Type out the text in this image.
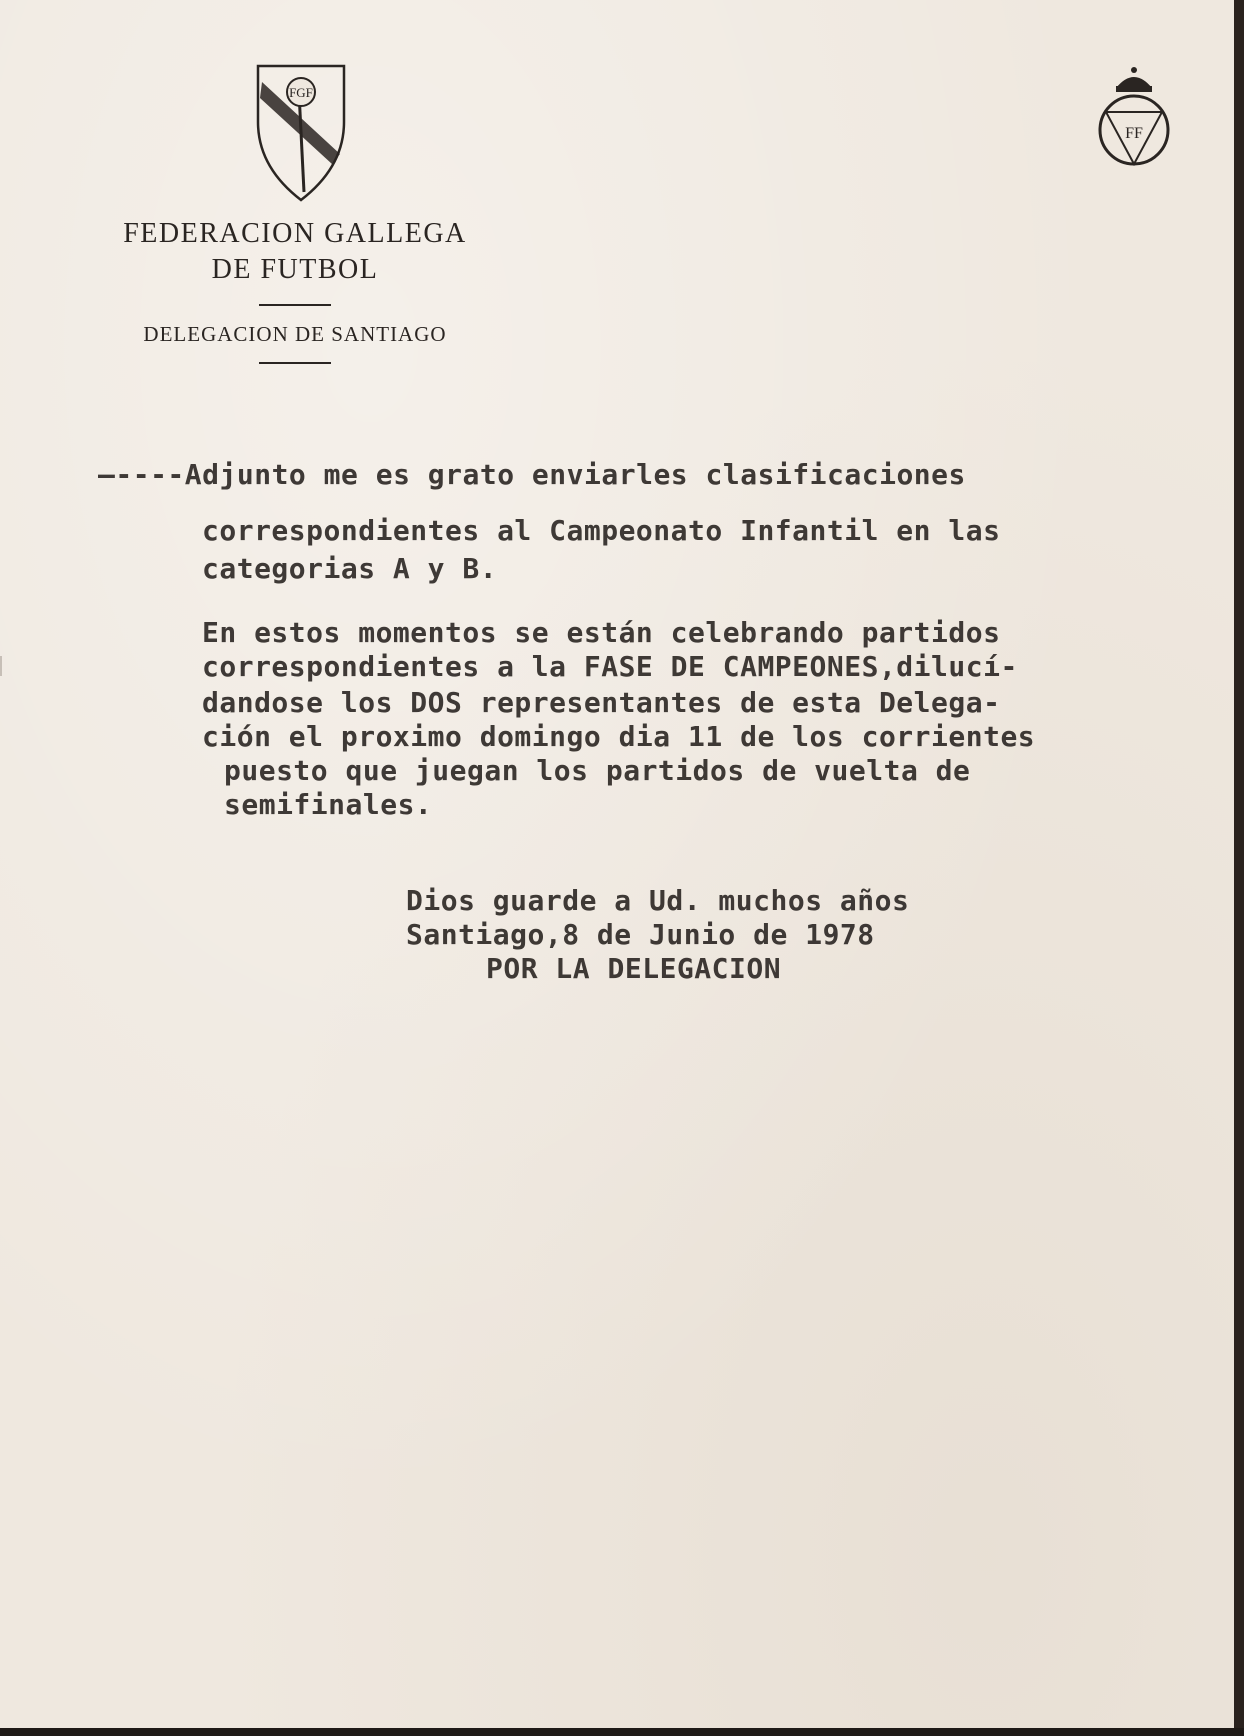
FGF
FF
FEDERACION GALLEGA
DE FUTBOL
DELEGACION DE SANTIAGO
—----Adjunto me es grato enviarles clasificaciones
correspondientes al Campeonato Infantil en las
categorias A y B.
En estos momentos se están celebrando partidos
correspondientes a la FASE DE CAMPEONES,dilucí-
dandose los DOS representantes de esta Delega-
ción el proximo domingo dia 11 de los corrientes
puesto que juegan los partidos de vuelta de
semifinales.
Dios guarde a Ud. muchos años
Santiago,8 de Junio de 1978
POR LA DELEGACION
